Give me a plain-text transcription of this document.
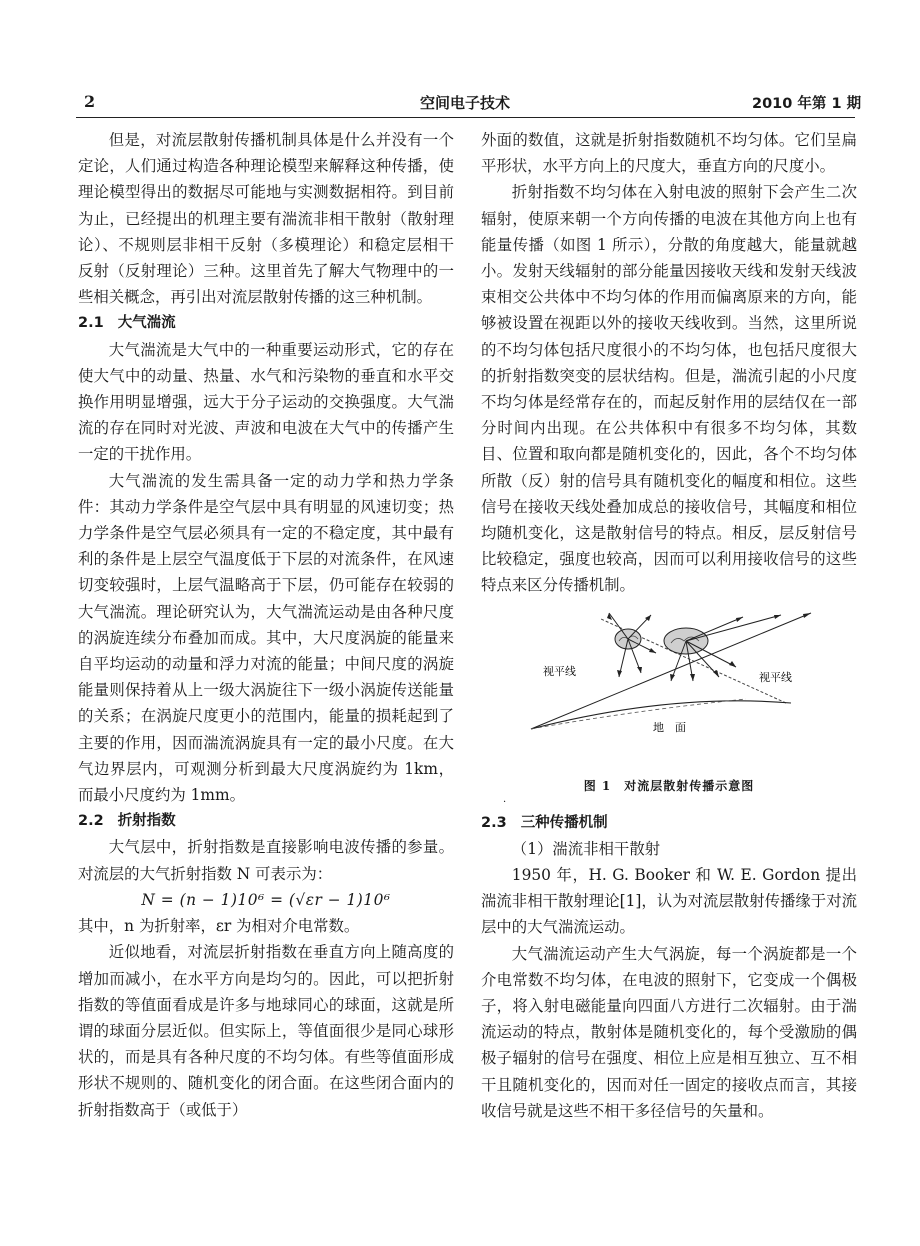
2	空间电子技术	2010 年第 1 期

但是，对流层散射传播机制具体是什么并没有一个定论，人们通过构造各种理论模型来解释这种传播，使理论模型得出的数据尽可能地与实测数据相符。到目前为止，已经提出的机理主要有湍流非相干散射（散射理论）、不规则层非相干反射（多模理论）和稳定层相干反射（反射理论）三种。这里首先了解大气物理中的一些相关概念，再引出对流层散射传播的这三种机制。

2.1 大气湍流

大气湍流是大气中的一种重要运动形式，它的存在使大气中的动量、热量、水气和污染物的垂直和水平交换作用明显增强，远大于分子运动的交换强度。大气湍流的存在同时对光波、声波和电波在大气中的传播产生一定的干扰作用。

大气湍流的发生需具备一定的动力学和热力学条件：其动力学条件是空气层中具有明显的风速切变；热力学条件是空气层必须具有一定的不稳定度，其中最有利的条件是上层空气温度低于下层的对流条件，在风速切变较强时，上层气温略高于下层，仍可能存在较弱的大气湍流。理论研究认为，大气湍流运动是由各种尺度的涡旋连续分布叠加而成。其中，大尺度涡旋的能量来自平均运动的动量和浮力对流的能量；中间尺度的涡旋能量则保持着从上一级大涡旋往下一级小涡旋传送能量的关系；在涡旋尺度更小的范围内，能量的损耗起到了主要的作用，因而湍流涡旋具有一定的最小尺度。在大气边界层内，可观测分析到最大尺度涡旋约为 1km，而最小尺度约为 1mm。

2.2 折射指数

大气层中，折射指数是直接影响电波传播的参量。对流层的大气折射指数 N 可表示为：

N = (n − 1)10⁶ = (√εr − 1)10⁶

其中，n 为折射率，εr 为相对介电常数。

近似地看，对流层折射指数在垂直方向上随高度的增加而减小，在水平方向是均匀的。因此，可以把折射指数的等值面看成是许多与地球同心的球面，这就是所谓的球面分层近似。但实际上，等值面很少是同心球形状的，而是具有各种尺度的不均匀体。有些等值面形成形状不规则的、随机变化的闭合面。在这些闭合面内的折射指数高于（或低于）

外面的数值，这就是折射指数随机不均匀体。它们呈扁平形状，水平方向上的尺度大，垂直方向的尺度小。

折射指数不均匀体在入射电波的照射下会产生二次辐射，使原来朝一个方向传播的电波在其他方向上也有能量传播（如图 1 所示），分散的角度越大，能量就越小。发射天线辐射的部分能量因接收天线和发射天线波束相交公共体中不均匀体的作用而偏离原来的方向，能够被设置在视距以外的接收天线收到。当然，这里所说的不均匀体包括尺度很小的不均匀体，也包括尺度很大的折射指数突变的层状结构。但是，湍流引起的小尺度不均匀体是经常存在的，而起反射作用的层结仅在一部分时间内出现。在公共体积中有很多不均匀体，其数目、位置和取向都是随机变化的，因此，各个不均匀体所散（反）射的信号具有随机变化的幅度和相位。这些信号在接收天线处叠加成总的接收信号，其幅度和相位均随机变化，这是散射信号的特点。相反，层反射信号比较稳定，强度也较高，因而可以利用接收信号的这些特点来区分传播机制。

视平线	视平线
地　面

图 1　对流层散射传播示意图

·

2.3 三种传播机制

（1）湍流非相干散射

1950 年，H. G. Booker 和 W. E. Gordon 提出湍流非相干散射理论[1]，认为对流层散射传播缘于对流层中的大气湍流运动。

大气湍流运动产生大气涡旋，每一个涡旋都是一个介电常数不均匀体，在电波的照射下，它变成一个偶极子，将入射电磁能量向四面八方进行二次辐射。由于湍流运动的特点，散射体是随机变化的，每个受激励的偶极子辐射的信号在强度、相位上应是相互独立、互不相干且随机变化的，因而对任一固定的接收点而言，其接收信号就是这些不相干多径信号的矢量和。
